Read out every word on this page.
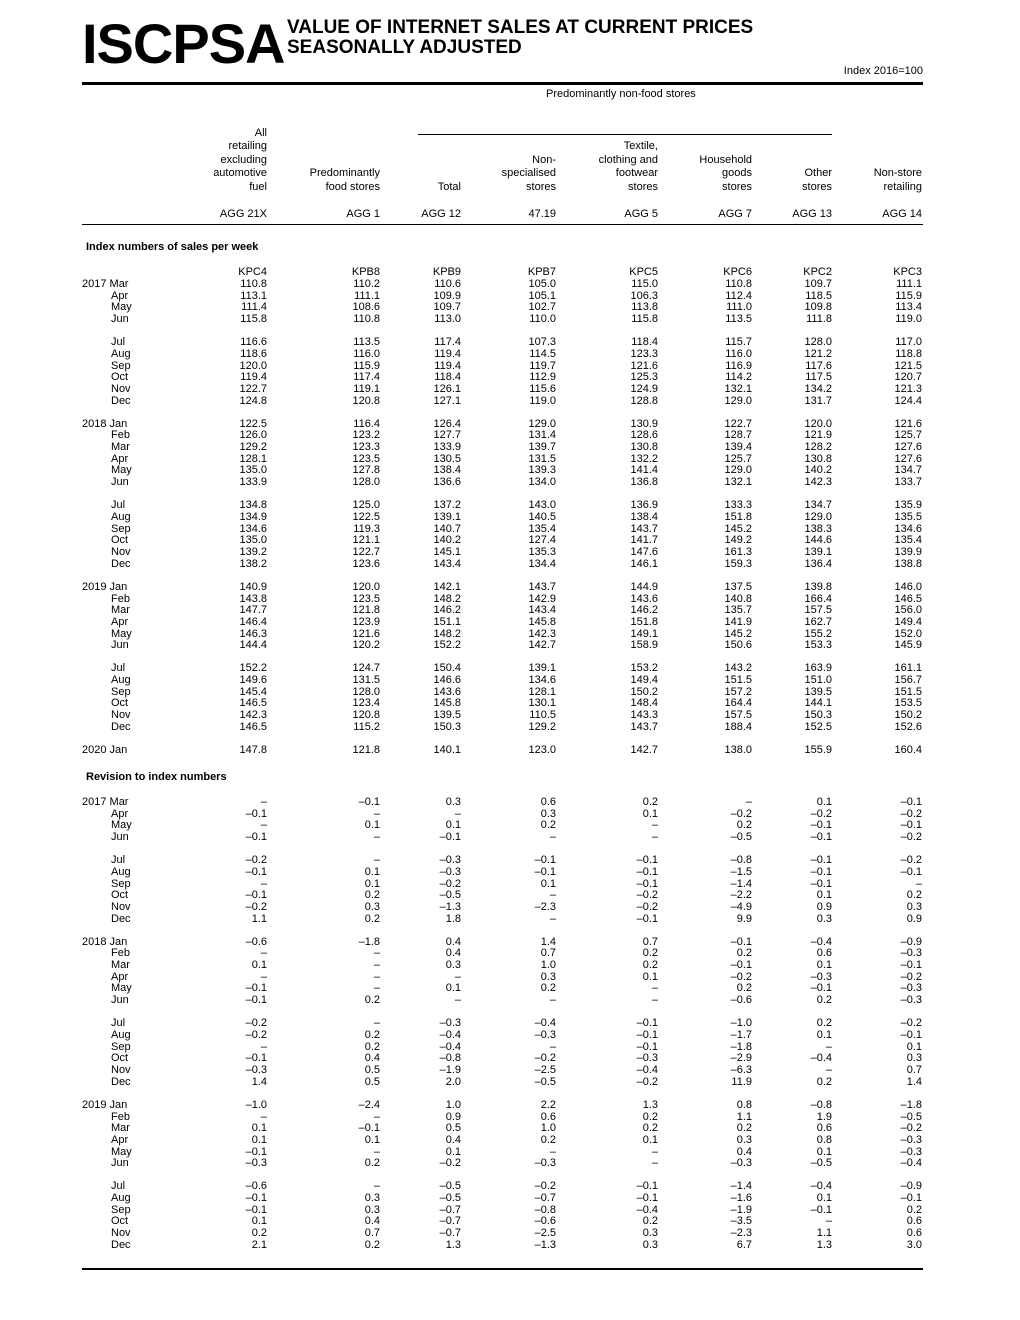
ISCPSA VALUE OF INTERNET SALES AT CURRENT PRICES
SEASONALLY ADJUSTED
Index 2016=100
Predominantly non-food stores
All
retailing
excluding
automotive
fuel
AGG 21X
Predominantly
food stores
AGG 1
Total
AGG 12
Non-
specialised
stores
47.19
Textile,
clothing and
footwear
stores
AGG 5
Household
goods
stores
AGG 7
Other
stores
AGG 13
Non-store
retailing
AGG 14
KPC4	KPB8	KPB9	KPB7	KPC5	KPC6	KPC2	KPC3
Index numbers of sales per week
2017 Mar	110.8	110.2	110.6	105.0	115.0	110.8	109.7	111.1
Apr	113.1	111.1	109.9	105.1	106.3	112.4	118.5	115.9
May	111.4	108.6	109.7	102.7	113.8	111.0	109.8	113.4
Jun	115.8	110.8	113.0	110.0	115.8	113.5	111.8	119.0
Jul	116.6	113.5	117.4	107.3	118.4	115.7	128.0	117.0
Aug	118.6	116.0	119.4	114.5	123.3	116.0	121.2	118.8
Sep	120.0	115.9	119.4	119.7	121.6	116.9	117.6	121.5
Oct	119.4	117.4	118.4	112.9	125.3	114.2	117.5	120.7
Nov	122.7	119.1	126.1	115.6	124.9	132.1	134.2	121.3
Dec	124.8	120.8	127.1	119.0	128.8	129.0	131.7	124.4
2018 Jan	122.5	116.4	126.4	129.0	130.9	122.7	120.0	121.6
Feb	126.0	123.2	127.7	131.4	128.6	128.7	121.9	125.7
Mar	129.2	123.3	133.9	139.7	130.8	139.4	128.2	127.6
Apr	128.1	123.5	130.5	131.5	132.2	125.7	130.8	127.6
May	135.0	127.8	138.4	139.3	141.4	129.0	140.2	134.7
Jun	133.9	128.0	136.6	134.0	136.8	132.1	142.3	133.7
Jul	134.8	125.0	137.2	143.0	136.9	133.3	134.7	135.9
Aug	134.9	122.5	139.1	140.5	138.4	151.8	129.0	135.5
Sep	134.6	119.3	140.7	135.4	143.7	145.2	138.3	134.6
Oct	135.0	121.1	140.2	127.4	141.7	149.2	144.6	135.4
Nov	139.2	122.7	145.1	135.3	147.6	161.3	139.1	139.9
Dec	138.2	123.6	143.4	134.4	146.1	159.3	136.4	138.8
2019 Jan	140.9	120.0	142.1	143.7	144.9	137.5	139.8	146.0
Feb	143.8	123.5	148.2	142.9	143.6	140.8	166.4	146.5
Mar	147.7	121.8	146.2	143.4	146.2	135.7	157.5	156.0
Apr	146.4	123.9	151.1	145.8	151.8	141.9	162.7	149.4
May	146.3	121.6	148.2	142.3	149.1	145.2	155.2	152.0
Jun	144.4	120.2	152.2	142.7	158.9	150.6	153.3	145.9
Jul	152.2	124.7	150.4	139.1	153.2	143.2	163.9	161.1
Aug	149.6	131.5	146.6	134.6	149.4	151.5	151.0	156.7
Sep	145.4	128.0	143.6	128.1	150.2	157.2	139.5	151.5
Oct	146.5	123.4	145.8	130.1	148.4	164.4	144.1	153.5
Nov	142.3	120.8	139.5	110.5	143.3	157.5	150.3	150.2
Dec	146.5	115.2	150.3	129.2	143.7	188.4	152.5	152.6
2020 Jan	147.8	121.8	140.1	123.0	142.7	138.0	155.9	160.4
Revision to index numbers
2017 Mar	–	–0.1	0.3	0.6	0.2	–	0.1	–0.1
Apr	–0.1	–	–	0.3	0.1	–0.2	–0.2	–0.2
May	–	0.1	0.1	0.2	–	0.2	–0.1	–0.1
Jun	–0.1	–	–0.1	–	–	–0.5	–0.1	–0.2
Jul	–0.2	–	–0.3	–0.1	–0.1	–0.8	–0.1	–0.2
Aug	–0.1	0.1	–0.3	–0.1	–0.1	–1.5	–0.1	–0.1
Sep	–	0.1	–0.2	0.1	–0.1	–1.4	–0.1	–
Oct	–0.1	0.2	–0.5	–	–0.2	–2.2	0.1	0.2
Nov	–0.2	0.3	–1.3	–2.3	–0.2	–4.9	0.9	0.3
Dec	1.1	0.2	1.8	–	–0.1	9.9	0.3	0.9
2018 Jan	–0.6	–1.8	0.4	1.4	0.7	–0.1	–0.4	–0.9
Feb	–	–	0.4	0.7	0.2	0.2	0.6	–0.3
Mar	0.1	–	0.3	1.0	0.2	–0.1	0.1	–0.1
Apr	–	–	–	0.3	0.1	–0.2	–0.3	–0.2
May	–0.1	–	0.1	0.2	–	0.2	–0.1	–0.3
Jun	–0.1	0.2	–	–	–	–0.6	0.2	–0.3
Jul	–0.2	–	–0.3	–0.4	–0.1	–1.0	0.2	–0.2
Aug	–0.2	0.2	–0.4	–0.3	–0.1	–1.7	0.1	–0.1
Sep	–	0.2	–0.4	–	–0.1	–1.8	–	0.1
Oct	–0.1	0.4	–0.8	–0.2	–0.3	–2.9	–0.4	0.3
Nov	–0.3	0.5	–1.9	–2.5	–0.4	–6.3	–	0.7
Dec	1.4	0.5	2.0	–0.5	–0.2	11.9	0.2	1.4
2019 Jan	–1.0	–2.4	1.0	2.2	1.3	0.8	–0.8	–1.8
Feb	–	–	0.9	0.6	0.2	1.1	1.9	–0.5
Mar	0.1	–0.1	0.5	1.0	0.2	0.2	0.6	–0.2
Apr	0.1	0.1	0.4	0.2	0.1	0.3	0.8	–0.3
May	–0.1	–	0.1	–	–	0.4	0.1	–0.3
Jun	–0.3	0.2	–0.2	–0.3	–	–0.3	–0.5	–0.4
Jul	–0.6	–	–0.5	–0.2	–0.1	–1.4	–0.4	–0.9
Aug	–0.1	0.3	–0.5	–0.7	–0.1	–1.6	0.1	–0.1
Sep	–0.1	0.3	–0.7	–0.8	–0.4	–1.9	–0.1	0.2
Oct	0.1	0.4	–0.7	–0.6	0.2	–3.5	–	0.6
Nov	0.2	0.7	–0.7	–2.5	0.3	–2.3	1.1	0.6
Dec	2.1	0.2	1.3	–1.3	0.3	6.7	1.3	3.0
